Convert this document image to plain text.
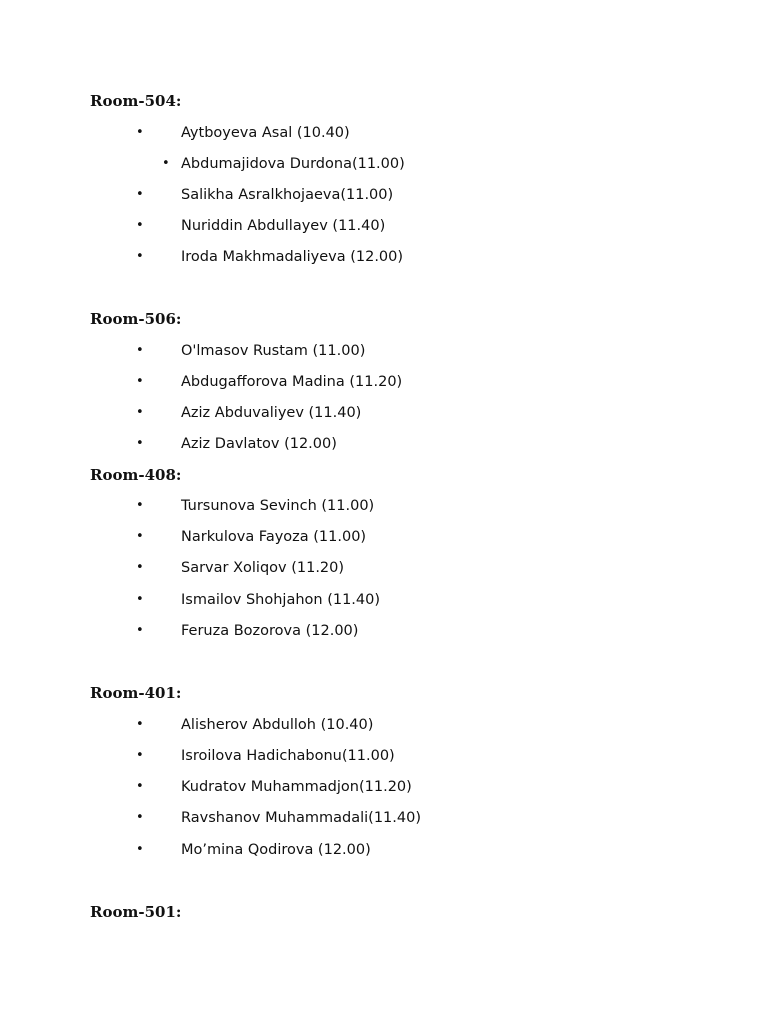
Room-504:
•	Aytboyeva Asal (10.40)
• Abdumajidova Durdona(11.00)
•	Salikha Asralkhojaeva(11.00)
•	Nuriddin Abdullayev (11.40)
•	Iroda Makhmadaliyeva (12.00)
Room-506:
•	O'lmasov Rustam (11.00)
•	Abdugafforova Madina (11.20)
•	Aziz Abduvaliyev (11.40)
•	Aziz Davlatov (12.00)
Room-408:
•	Tursunova Sevinch (11.00)
•	Narkulova Fayoza (11.00)
•	Sarvar Xoliqov (11.20)
•	Ismailov Shohjahon (11.40)
•	Feruza Bozorova (12.00)
Room-401:
•	Alisherov Abdulloh (10.40)
•	Isroilova Hadichabonu(11.00)
•	Kudratov Muhammadjon(11.20)
•	Ravshanov Muhammadali(11.40)
•	Mo’mina Qodirova (12.00)
Room-501:
